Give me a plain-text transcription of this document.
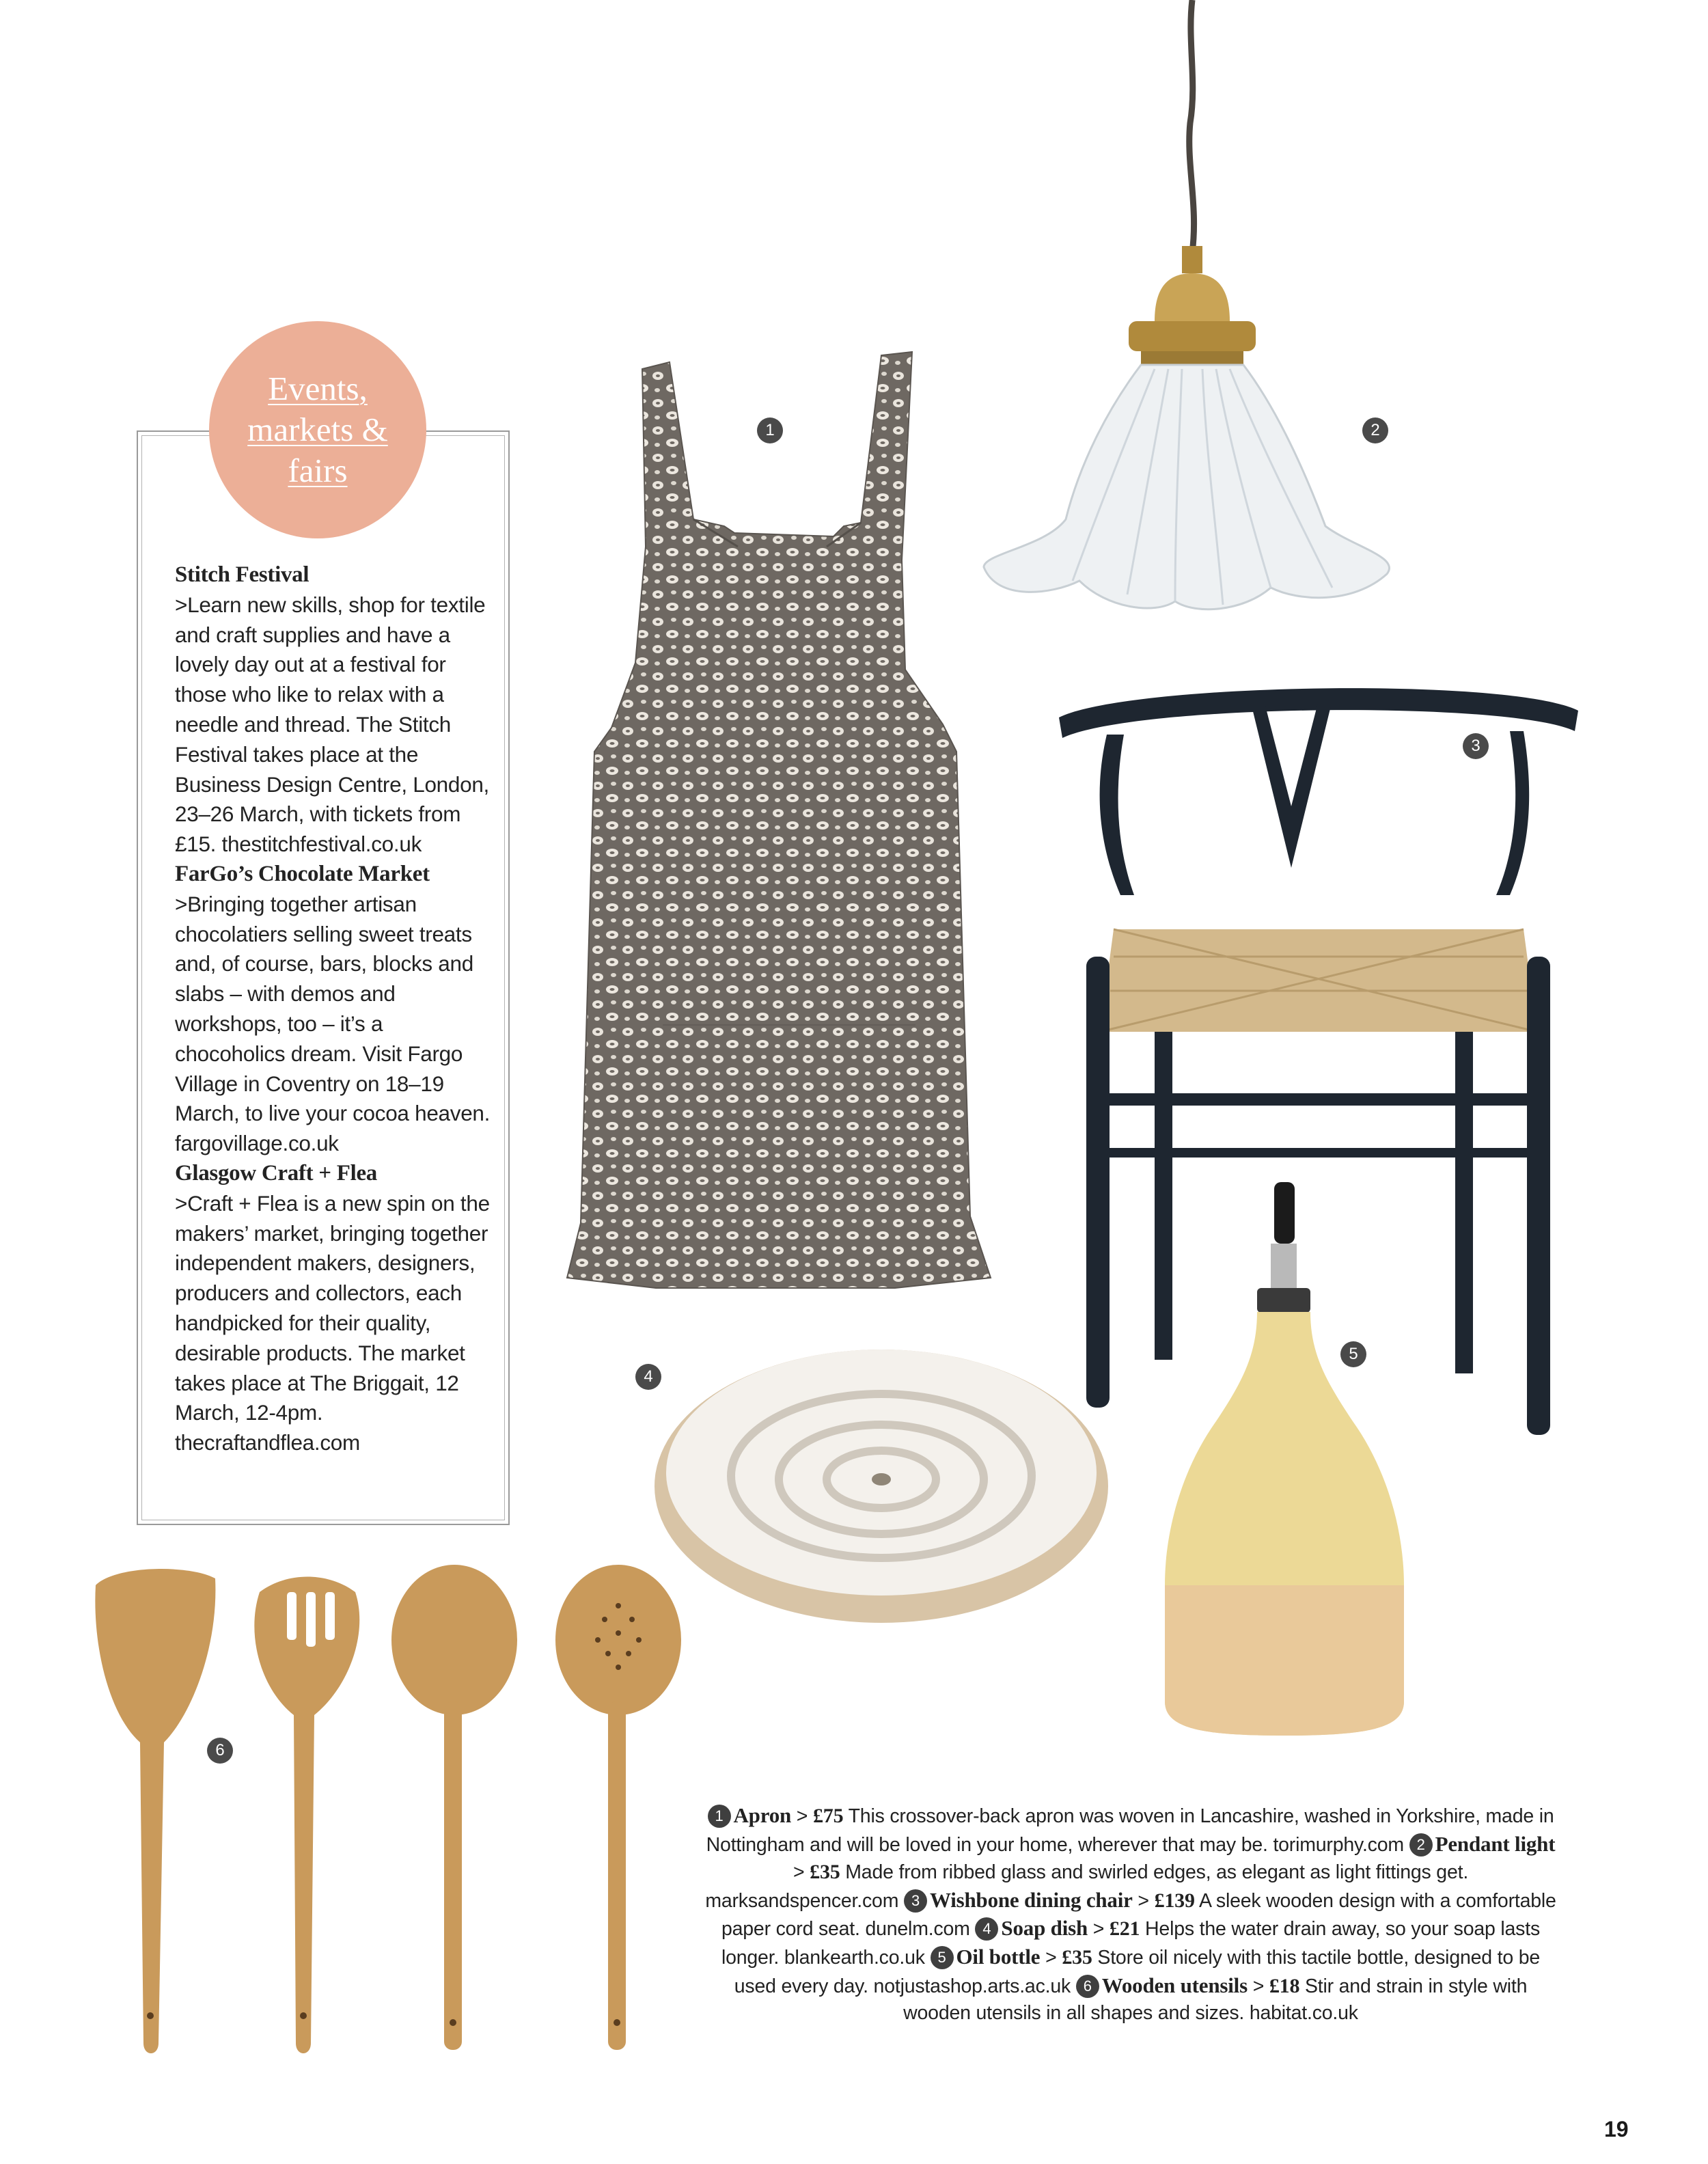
Events, markets & fairs
Stitch Festival
>Learn new skills, shop for textile and craft supplies and have a lovely day out at a festival for those who like to relax with a needle and thread. The Stitch Festival takes place at the Business Design Centre, London, 23–26 March, with tickets from £15. thestitchfestival.co.uk
FarGo’s Chocolate Market
>Bringing together artisan chocolatiers selling sweet treats and, of course, bars, blocks and slabs – with demos and workshops, too – it’s a chocoholics dream. Visit Fargo Village in Coventry on 18–19 March, to live your cocoa heaven. fargovillage.co.uk
Glasgow Craft + Flea
>Craft + Flea is a new spin on the makers’ market, bringing together independent makers, designers, producers and collectors, each handpicked for their quality, desirable products. The market takes place at The Briggait, 12 March, 12-4pm. thecraftandflea.com
1	2
3
4
5
6
1 Apron > £75 This crossover-back apron was woven in Lancashire, washed in Yorkshire, made in Nottingham and will be loved in your home, wherever that may be. torimurphy.com 2 Pendant light > £35 Made from ribbed glass and swirled edges, as elegant as light fittings get. marksandspencer.com 3 Wishbone dining chair > £139 A sleek wooden design with a comfortable paper cord seat. dunelm.com 4 Soap dish > £21 Helps the water drain away, so your soap lasts longer. blankearth.co.uk 5 Oil bottle > £35 Store oil nicely with this tactile bottle, designed to be used every day. notjustashop.arts.ac.uk 6 Wooden utensils > £18 Stir and strain in style with wooden utensils in all shapes and sizes. habitat.co.uk
19
